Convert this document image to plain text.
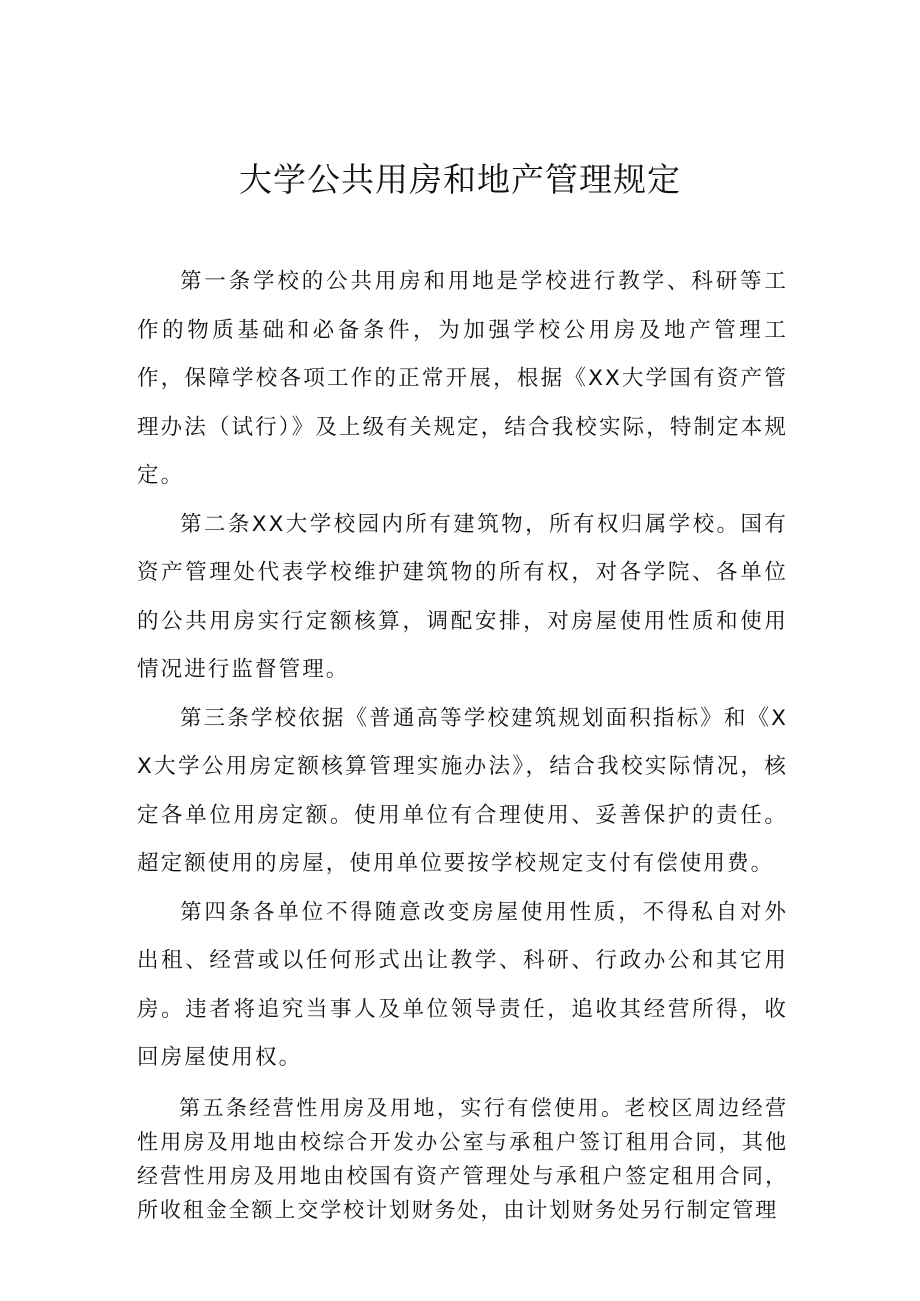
大学公共用房和地产管理规定

第一条学校的公共用房和用地是学校进行教学、科研等工作的物质基础和必备条件，为加强学校公用房及地产管理工作，保障学校各项工作的正常开展，根据《XX大学国有资产管理办法（试行）》及上级有关规定，结合我校实际，特制定本规定。

第二条XX大学校园内所有建筑物，所有权归属学校。国有资产管理处代表学校维护建筑物的所有权，对各学院、各单位的公共用房实行定额核算，调配安排，对房屋使用性质和使用情况进行监督管理。

第三条学校依据《普通高等学校建筑规划面积指标》和《XX大学公用房定额核算管理实施办法》，结合我校实际情况，核定各单位用房定额。使用单位有合理使用、妥善保护的责任。超定额使用的房屋，使用单位要按学校规定支付有偿使用费。

第四条各单位不得随意改变房屋使用性质，不得私自对外出租、经营或以任何形式出让教学、科研、行政办公和其它用房。违者将追究当事人及单位领导责任，追收其经营所得，收回房屋使用权。

第五条经营性用房及用地，实行有偿使用。老校区周边经营性用房及用地由校综合开发办公室与承租户签订租用合同，其他经营性用房及用地由校国有资产管理处与承租户签定租用合同，所收租金全额上交学校计划财务处，由计划财务处另行制定管理
